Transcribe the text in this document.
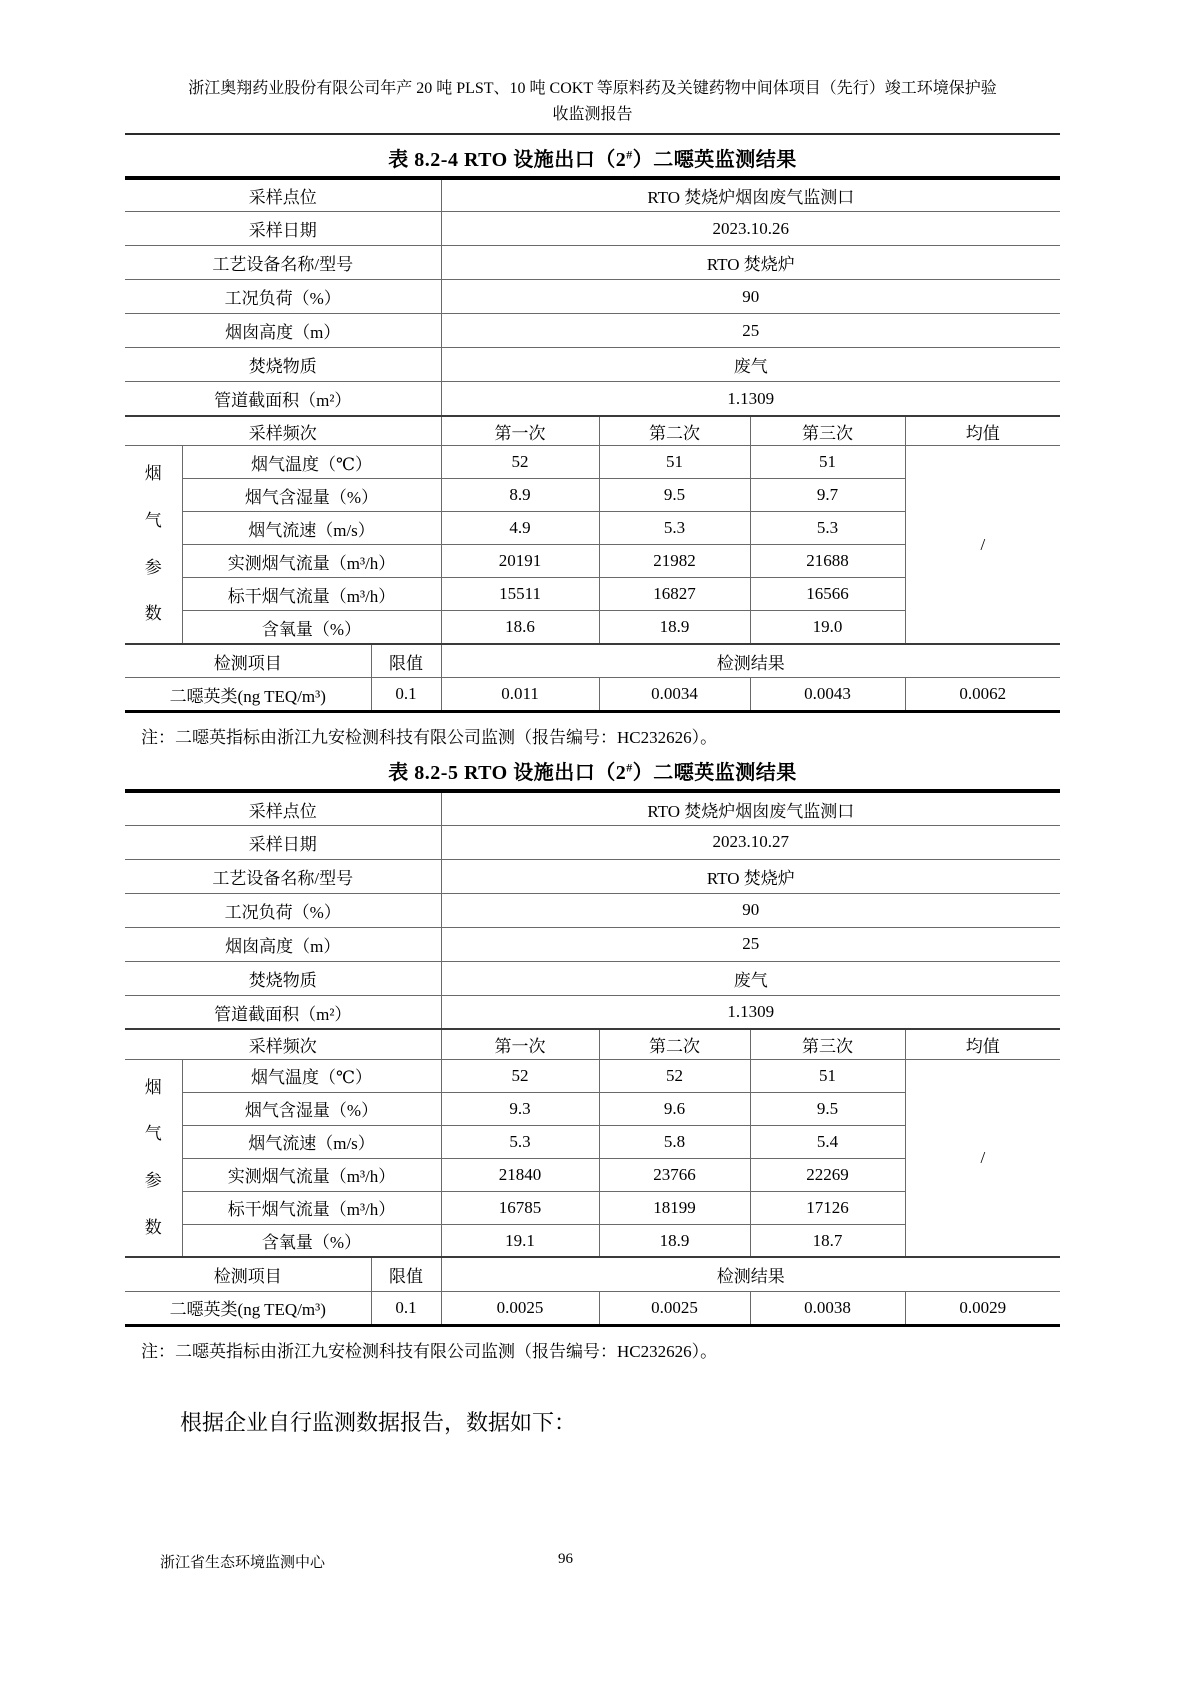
浙江奥翔药业股份有限公司年产 20 吨 PLST、10 吨 COKT 等原料药及关键药物中间体项目（先行）竣工环境保护验
收监测报告
表 8.2-4 RTO 设施出口（2#）二噁英监测结果
采样点位			RTO 焚烧炉烟囱废气监测口			
采样日期			2023.10.26			
工艺设备名称/型号			RTO 焚烧炉			
工况负荷（%）			90			
烟囱高度（m）			25			
焚烧物质			废气			
管道截面积（m²）			1.1309			
采样频次			第一次	第二次	第三次	均值

烟气参数	烟气温度（℃）		52	51	51	/
	烟气含湿量（%）		8.9	9.5	9.7	
	烟气流速（m/s）		4.9	5.3	5.3	
	实测烟气流量（m³/h）		20191	21982	21688	
	标干烟气流量（m³/h）		15511	16827	16566	
	含氧量（%）		18.6	18.9	19.0	
检测项目		限值	检测结果			
二噁英类(ng TEQ/m³)		0.1	0.011	0.0034	0.0043	0.0062
注：二噁英指标由浙江九安检测科技有限公司监测（报告编号：HC232626）。
表 8.2-5 RTO 设施出口（2#）二噁英监测结果
采样点位			RTO 焚烧炉烟囱废气监测口			
采样日期			2023.10.27			
工艺设备名称/型号			RTO 焚烧炉			
工况负荷（%）			90			
烟囱高度（m）			25			
焚烧物质			废气			
管道截面积（m²）			1.1309			
采样频次			第一次	第二次	第三次	均值

烟气参数	烟气温度（℃）		52	52	51	/
	烟气含湿量（%）		9.3	9.6	9.5	
	烟气流速（m/s）		5.3	5.8	5.4	
	实测烟气流量（m³/h）		21840	23766	22269	
	标干烟气流量（m³/h）		16785	18199	17126	
	含氧量（%）		19.1	18.9	18.7	
检测项目		限值	检测结果			
二噁英类(ng TEQ/m³)		0.1	0.0025	0.0025	0.0038	0.0029
注：二噁英指标由浙江九安检测科技有限公司监测（报告编号：HC232626）。
根据企业自行监测数据报告，数据如下：
浙江省生态环境监测中心	96
